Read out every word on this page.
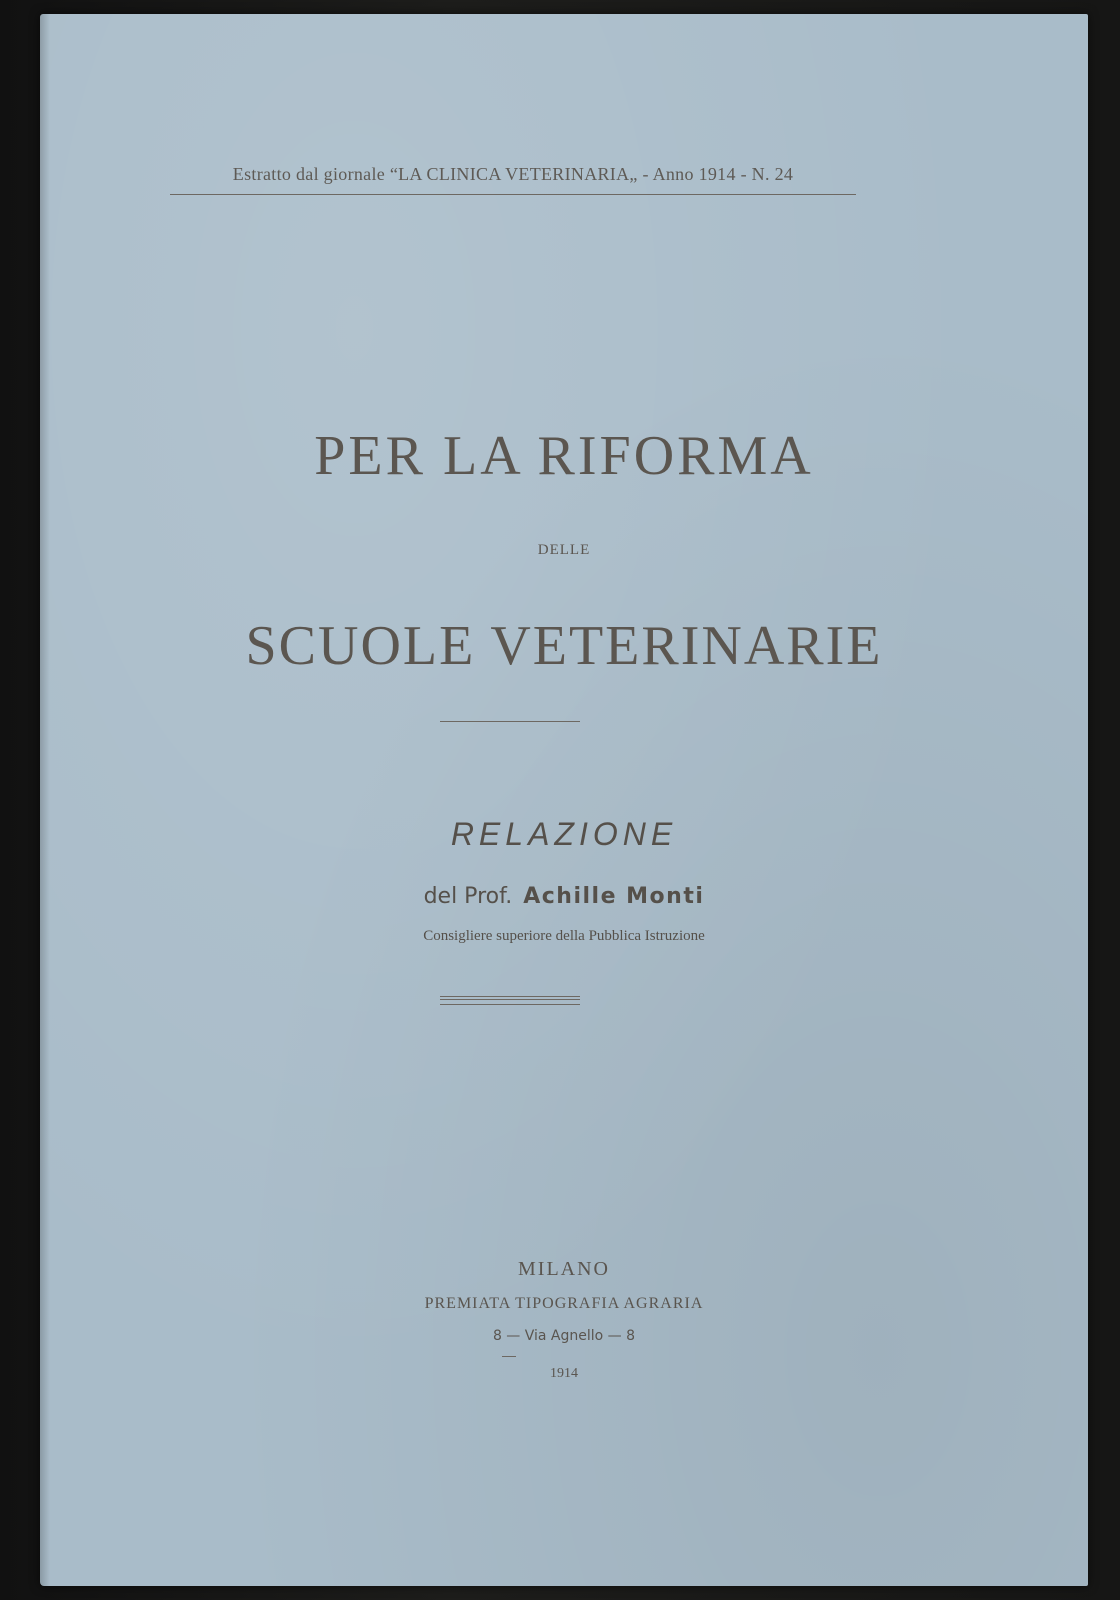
Estratto dal giornale “LA CLINICA VETERINARIA„ - Anno 1914 - N. 24
PER LA RIFORMA
DELLE
SCUOLE VETERINARIE
RELAZIONE
del Prof. Achille Monti
Consigliere superiore della Pubblica Istruzione
MILANO
PREMIATA TIPOGRAFIA AGRARIA
8 — Via Agnello — 8
1914
